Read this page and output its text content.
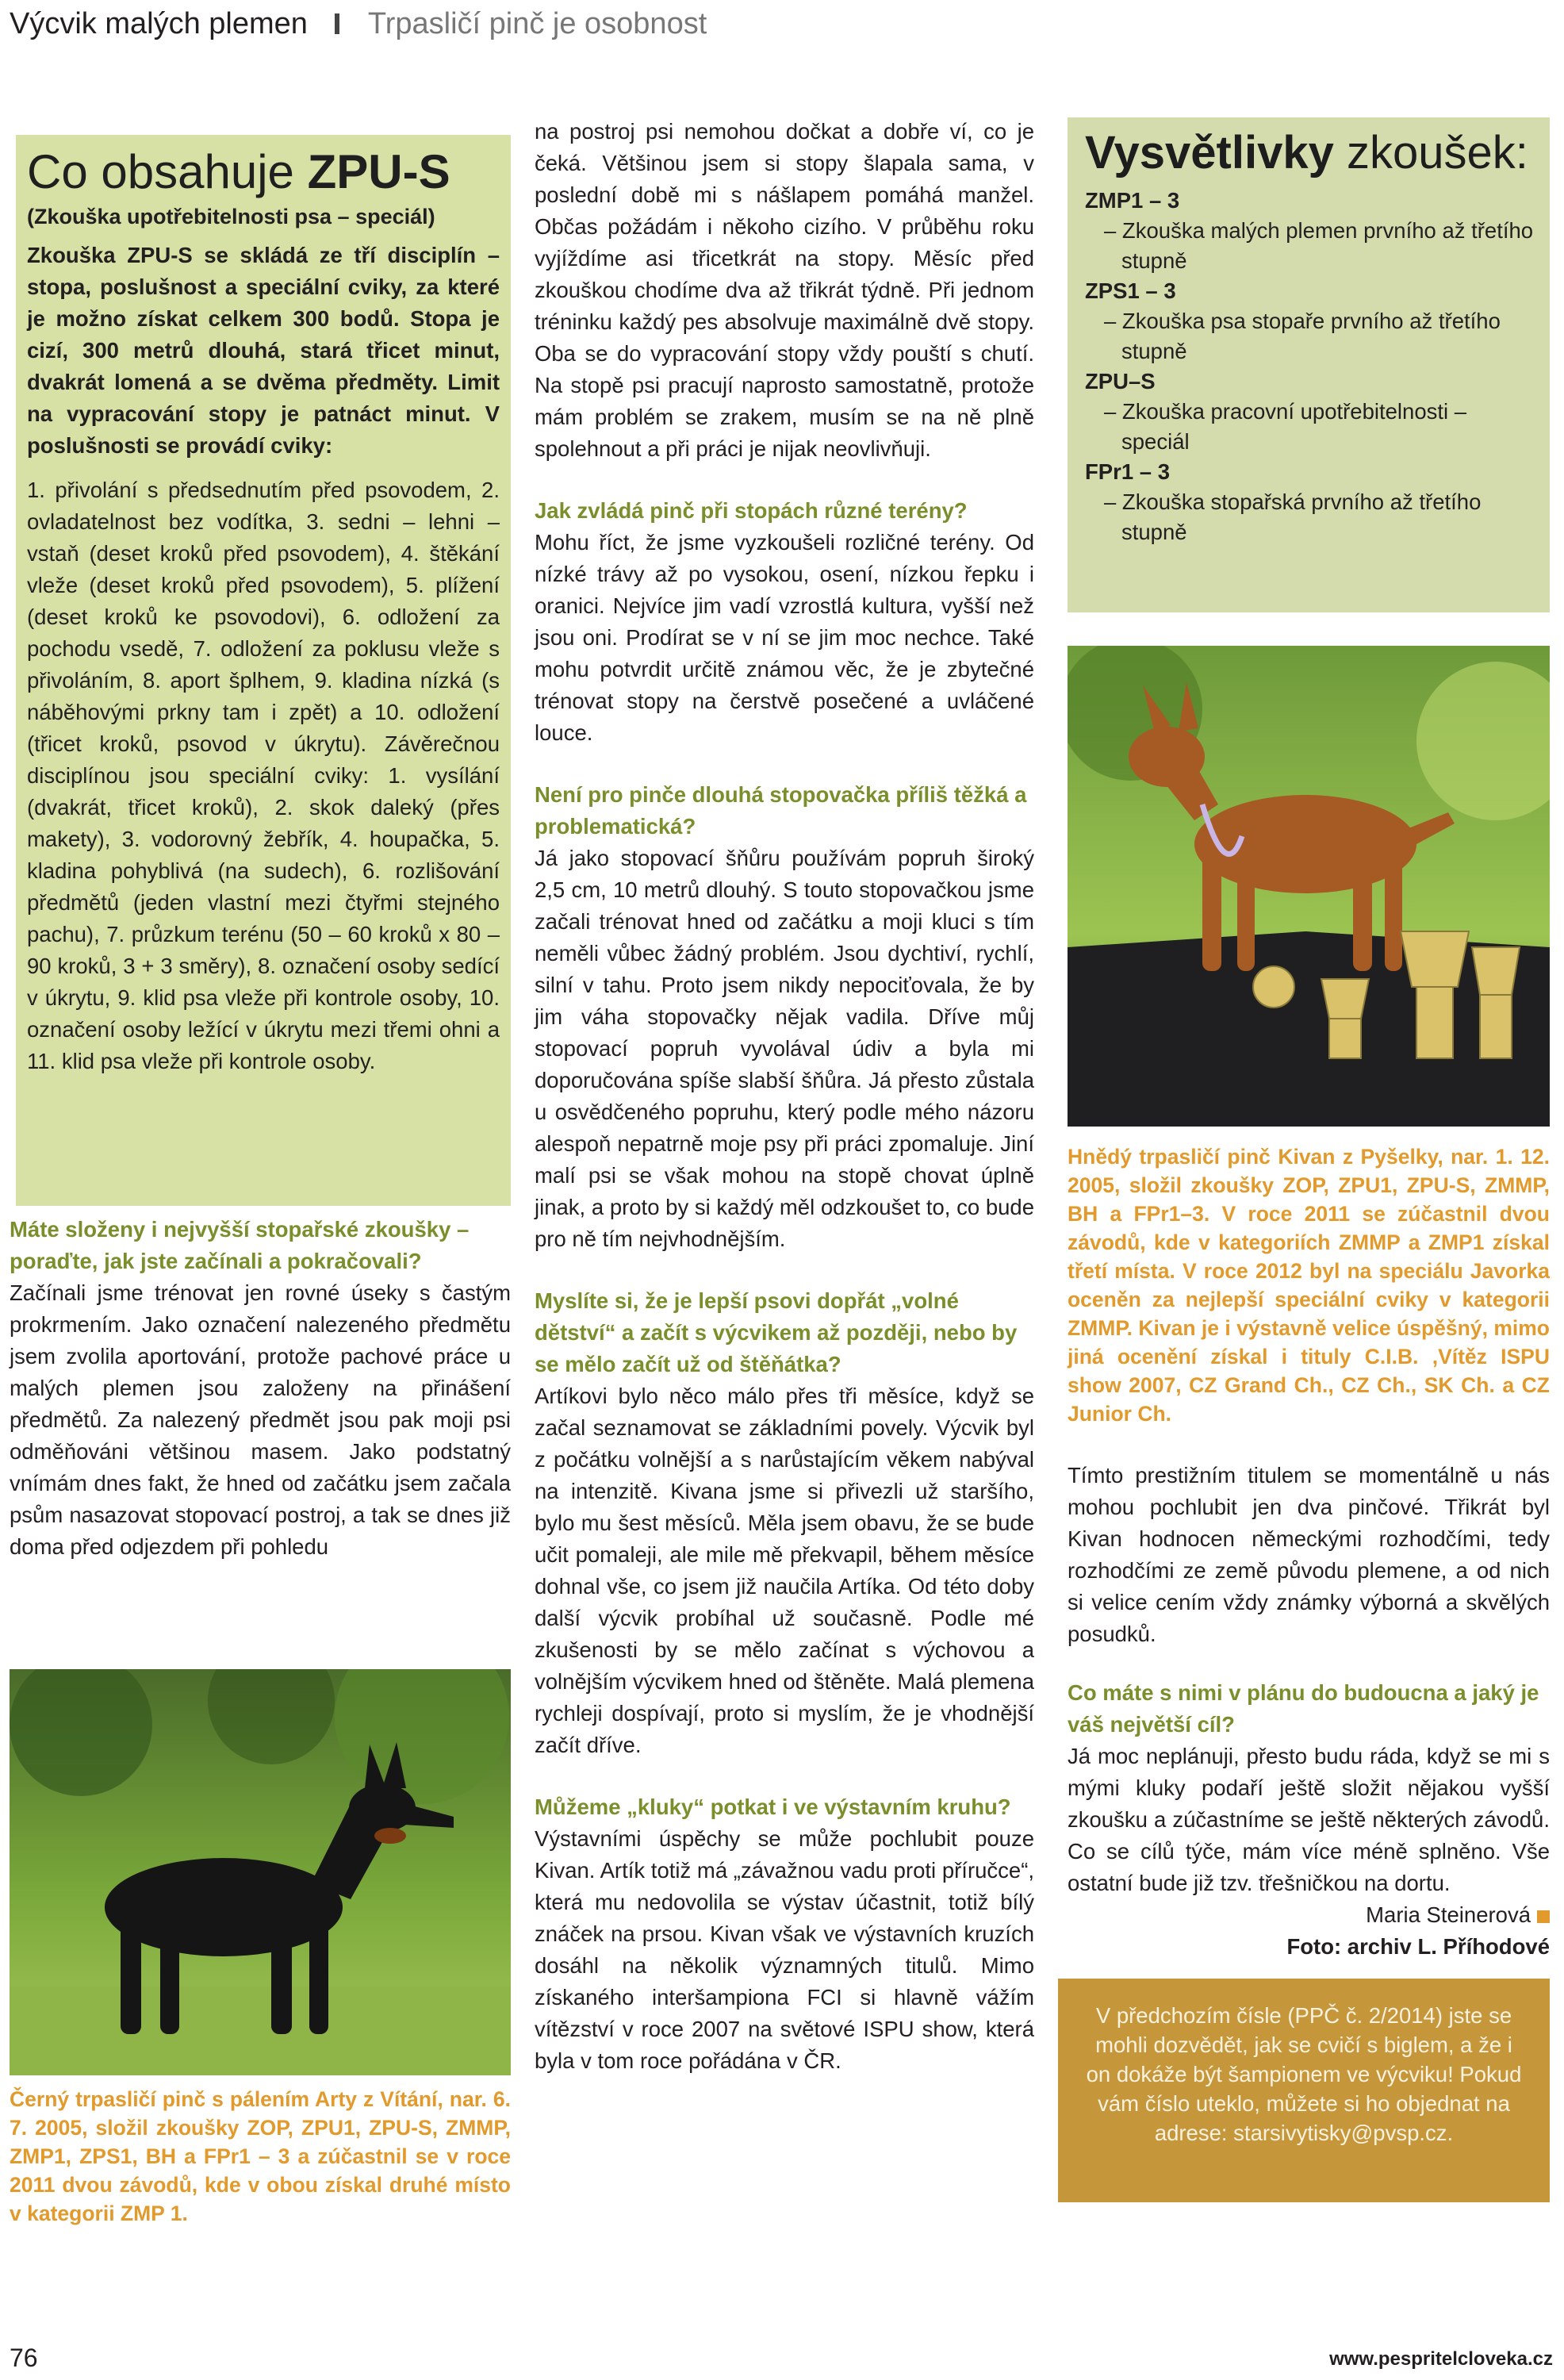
Výcvik malých plemen Trpasličí pinč je osobnost
Co obsahuje ZPU-S
(Zkouška upotřebitelnosti psa – speciál)

Zkouška ZPU-S se skládá ze tří disciplín – stopa, poslušnost a speciální cviky, za které je možno získat celkem 300 bodů. Stopa je cizí, 300 metrů dlouhá, stará třicet minut, dvakrát lomená a se dvěma předměty. Limit na vypracování stopy je patnáct minut. V poslušnosti se provádí cviky:

1. přivolání s předsednutím před psovodem, 2. ovladatelnost bez vodítka, 3. sedni – lehni – vstaň (deset kroků před psovodem), 4. štěkání vleže (deset kroků před psovodem), 5. plížení (deset kroků ke psovodovi), 6. odložení za pochodu vsedě, 7. odložení za poklusu vleže s přivoláním, 8. aport šplhem, 9. kladina nízká (s náběhovými prkny tam i zpět) a 10. odložení (třicet kroků, psovod v úkrytu). Závěrečnou disciplínou jsou speciální cviky: 1. vysílání (dvakrát, třicet kroků), 2. skok daleký (přes makety), 3. vodorovný žebřík, 4. houpačka, 5. kladina pohyblivá (na sudech), 6. rozlišování předmětů (jeden vlastní mezi čtyřmi stejného pachu), 7. průzkum terénu (50 – 60 kroků x 80 – 90 kroků, 3 + 3 směry), 8. označení osoby sedící v úkrytu, 9. klid psa vleže při kontrole osoby, 10. označení osoby ležící v úkrytu mezi třemi ohni a 11. klid psa vleže při kontrole osoby.

Máte složeny i nejvyšší stopařské zkoušky – poraďte, jak jste začínali a pokračovali?

Začínali jsme trénovat jen rovné úseky s častým prokrmením. Jako označení nalezeného předmětu jsem zvolila aportování, protože pachové práce u malých plemen jsou založeny na přinášení předmětů. Za nalezený předmět jsou pak moji psi odměňováni většinou masem. Jako podstatný vnímám dnes fakt, že hned od začátku jsem začala psům nasazovat stopovací postroj, a tak se dnes již doma před odjezdem při pohledu

Černý trpasličí pinč s pálením Arty z Vítání, nar. 6. 7. 2005, složil zkoušky ZOP, ZPU1, ZPU-S, ZMMP, ZMP1, ZPS1, BH a FPr1 – 3 a zúčastnil se v roce 2011 dvou závodů, kde v obou získal druhé místo v kategorii ZMP 1.

na postroj psi nemohou dočkat a dobře ví, co je čeká. Většinou jsem si stopy šlapala sama, v poslední době mi s nášlapem pomáhá manžel. Občas požádám i někoho cizího. V průběhu roku vyjíždíme asi třicetkrát na stopy. Měsíc před zkouškou chodíme dva až třikrát týdně. Při jednom tréninku každý pes absolvuje maximálně dvě stopy. Oba se do vypracování stopy vždy pouští s chutí. Na stopě psi pracují naprosto samostatně, protože mám problém se zrakem, musím se na ně plně spolehnout a při práci je nijak neovlivňuji.

Jak zvládá pinč při stopách různé terény?

Mohu říct, že jsme vyzkoušeli rozličné terény. Od nízké trávy až po vysokou, osení, nízkou řepku i oranici. Nejvíce jim vadí vzrostlá kultura, vyšší než jsou oni. Prodírat se v ní se jim moc nechce. Také mohu potvrdit určitě známou věc, že je zbytečné trénovat stopy na čerstvě posečené a uvláčené louce.

Není pro pinče dlouhá stopovačka příliš těžká a problematická?

Já jako stopovací šňůru používám popruh široký 2,5 cm, 10 metrů dlouhý. S touto stopovačkou jsme začali trénovat hned od začátku a moji kluci s tím neměli vůbec žádný problém. Jsou dychtiví, rychlí, silní v tahu. Proto jsem nikdy nepociťovala, že by jim váha stopovačky nějak vadila. Dříve můj stopovací popruh vyvolával údiv a byla mi doporučována spíše slabší šňůra. Já přesto zůstala u osvědčeného popruhu, který podle mého názoru alespoň nepatrně moje psy při práci zpomaluje. Jiní malí psi se však mohou na stopě chovat úplně jinak, a proto by si každý měl odzkoušet to, co bude pro ně tím nejvhodnějším.

Myslíte si, že je lepší psovi dopřát „volné dětství“ a začít s výcvikem až později, nebo by se mělo začít už od štěňátka?

Artíkovi bylo něco málo přes tři měsíce, když se začal seznamovat se základními povely. Výcvik byl z počátku volnější a s narůstajícím věkem nabýval na intenzitě. Kivana jsme si přivezli už staršího, bylo mu šest měsíců. Měla jsem obavu, že se bude učit pomaleji, ale mile mě překvapil, během měsíce dohnal vše, co jsem již naučila Artíka. Od této doby další výcvik probíhal už současně. Podle mé zkušenosti by se mělo začínat s výchovou a volnějším výcvikem hned od štěněte. Malá plemena rychleji dospívají, proto si myslím, že je vhodnější začít dříve.

Můžeme „kluky“ potkat i ve výstavním kruhu?

Výstavními úspěchy se může pochlubit pouze Kivan. Artík totiž má „závažnou vadu proti příručce“, která mu nedovolila se výstav účastnit, totiž bílý znáček na prsou. Kivan však ve výstavních kruzích dosáhl na několik významných titulů. Mimo získaného interšampiona FCI si hlavně vážím vítězství v roce 2007 na světové ISPU show, která byla v tom roce pořádána v ČR.

Vysvětlivky zkoušek:
ZMP1 – 3
– Zkouška malých plemen prvního až třetího stupně
ZPS1 – 3
– Zkouška psa stopaře prvního až třetího stupně
ZPU–S
– Zkouška pracovní upotřebitelnosti – speciál
FPr1 – 3
– Zkouška stopařská prvního až třetího stupně

Hnědý trpasličí pinč Kivan z Pyšelky, nar. 1. 12. 2005, složil zkoušky ZOP, ZPU1, ZPU-S, ZMMP, BH a FPr1–3. V roce 2011 se zúčastnil dvou závodů, kde v kategoriích ZMMP a ZMP1 získal třetí místa. V roce 2012 byl na speciálu Javorka oceněn za nejlepší speciální cviky v kategorii ZMMP. Kivan je i výstavně velice úspěšný, mimo jiná ocenění získal i tituly C.I.B. ,Vítěz ISPU show 2007, CZ Grand Ch., CZ Ch., SK Ch. a CZ Junior Ch.

Tímto prestižním titulem se momentálně u nás mohou pochlubit jen dva pinčové. Třikrát byl Kivan hodnocen německými rozhodčími, tedy rozhodčími ze země původu plemene, a od nich si velice cením vždy známky výborná a skvělých posudků.

Co máte s nimi v plánu do budoucna a jaký je váš největší cíl?

Já moc neplánuji, přesto budu ráda, když se mi s mými kluky podaří ještě složit nějakou vyšší zkoušku a zúčastníme se ještě některých závodů. Co se cílů týče, mám více méně splněno. Vše ostatní bude již tzv. třešničkou na dortu.

Maria Steinerová
Foto: archiv L. Příhodové
V předchozím čísle (PPČ č. 2/2014) jste se mohli dozvědět, jak se cvičí s biglem, a že i on dokáže být šampionem ve výcviku! Pokud vám číslo uteklo, můžete si ho objednat na adrese: starsivytisky@pvsp.cz.
76	www.pespritelcloveka.cz
